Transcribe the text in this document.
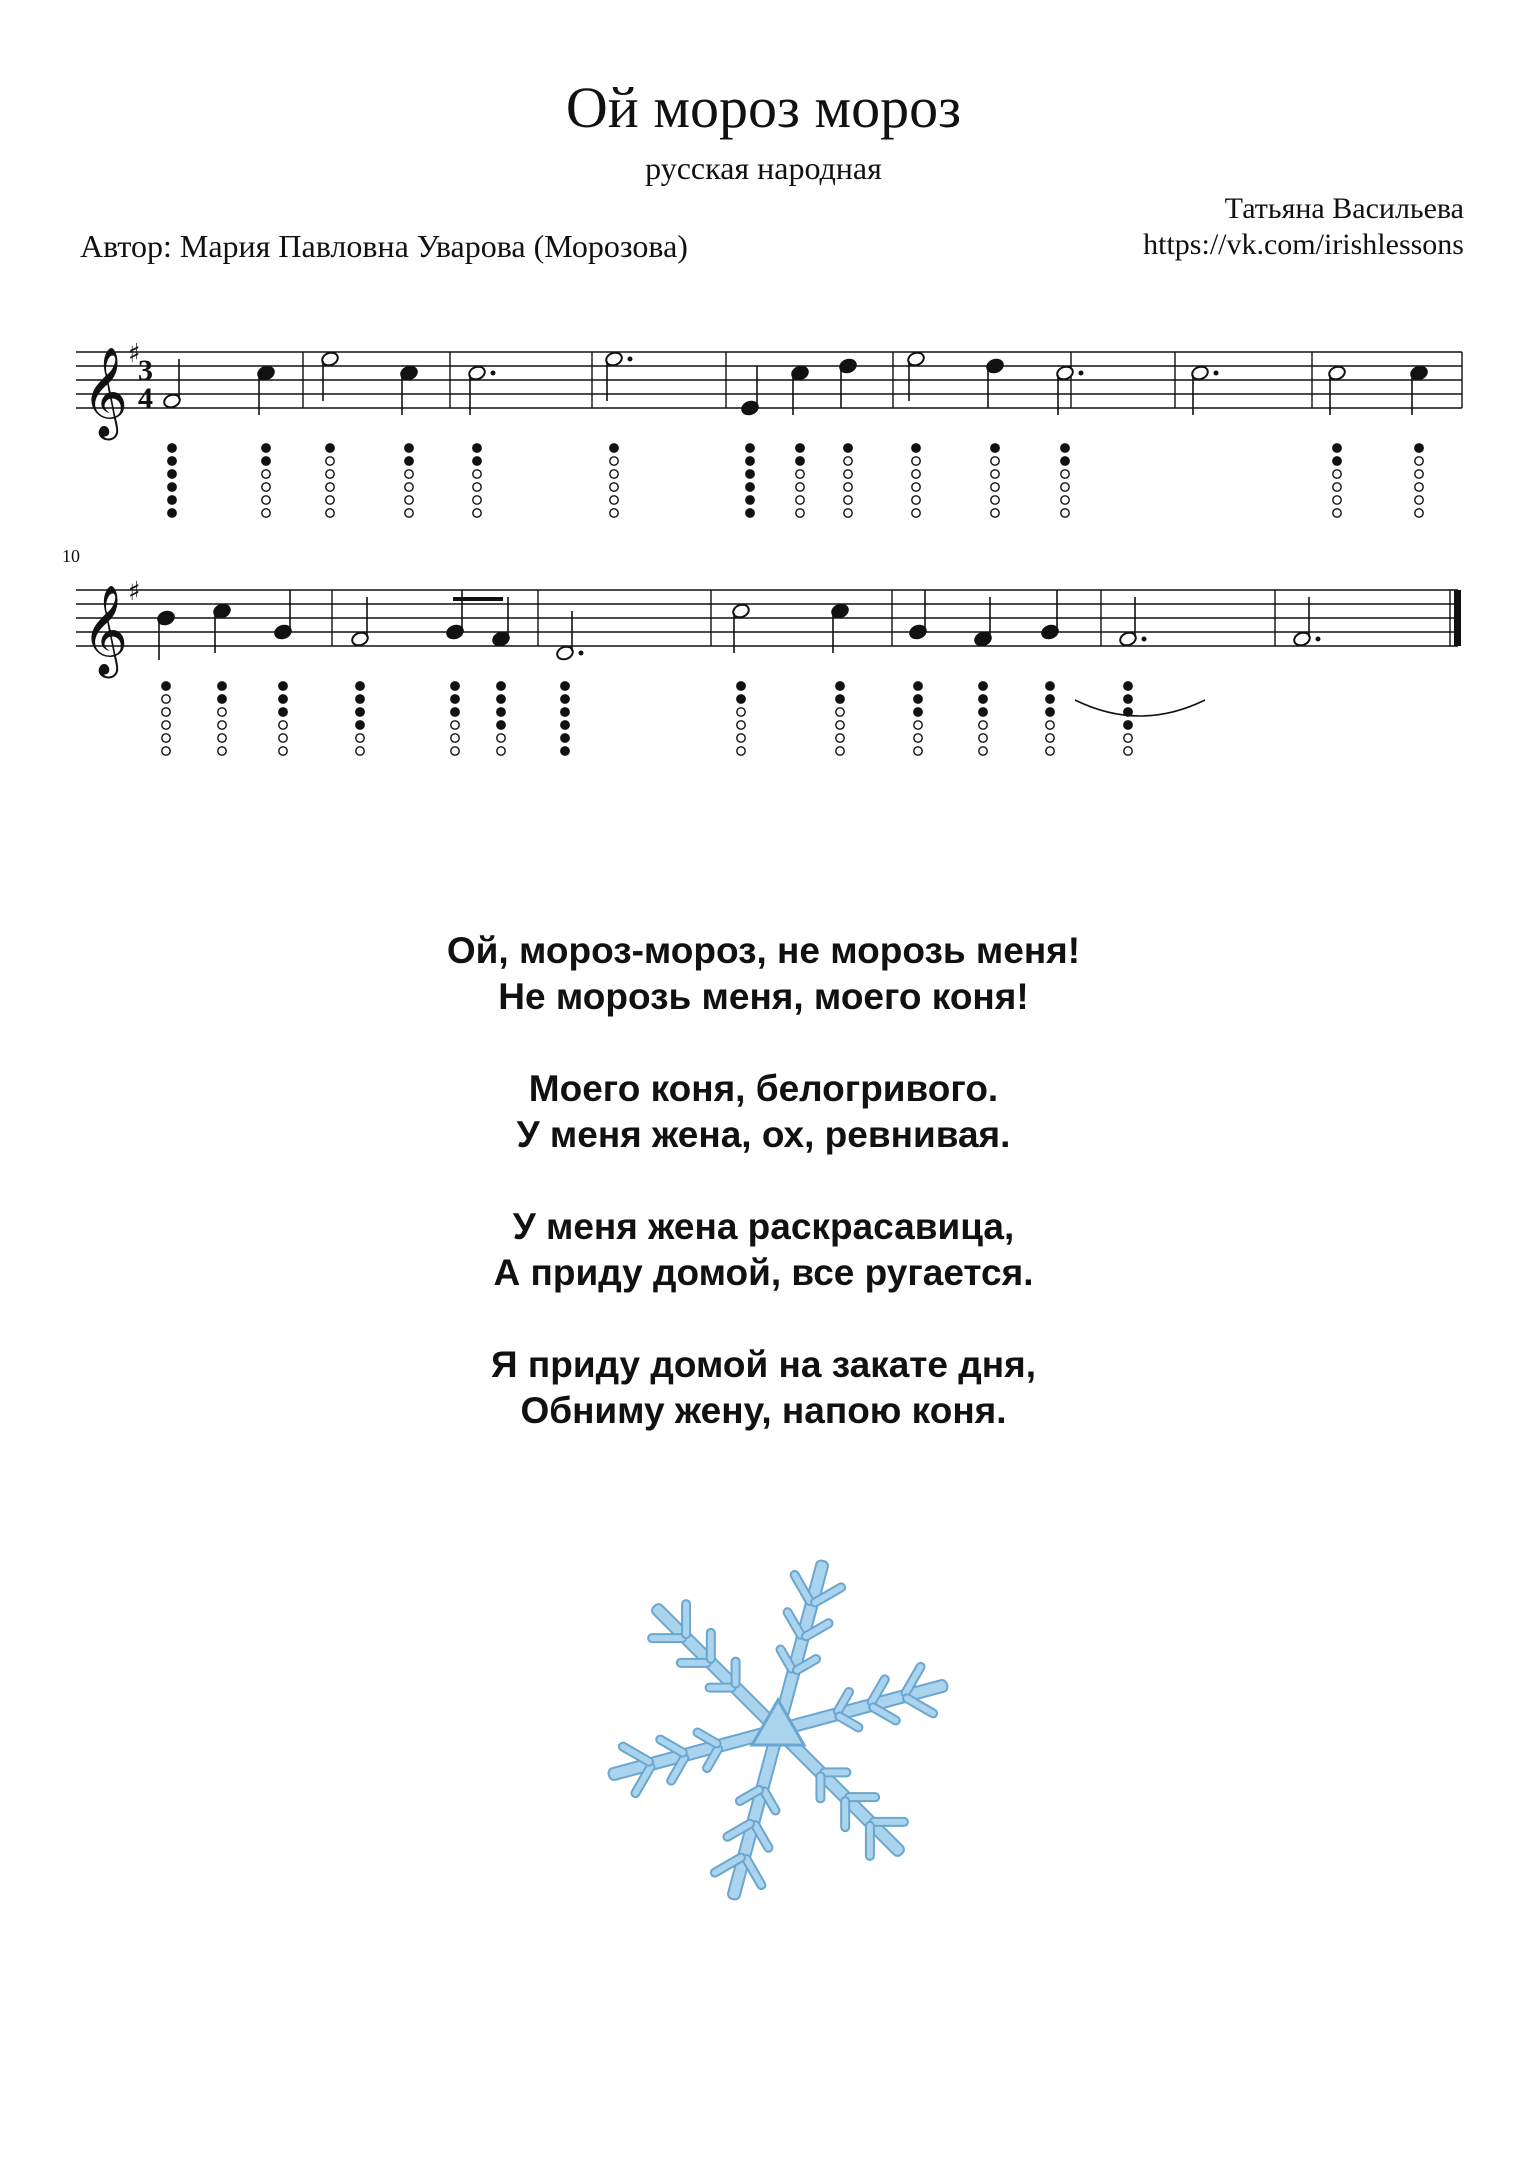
Ой мороз мороз
русская народная
Татьяна Васильева
https://vk.com/irishlessons
Автор: Мария Павловна Уварова (Морозова)
𝄞 ♯
3
4
𝄞 ♯
10
Ой, мороз-мороз, не морозь меня!
Не морозь меня, моего коня!
Моего коня, белогривого.
У меня жена, ох, ревнивая.
У меня жена раскрасавица,
А приду домой, все ругается.
Я приду домой на закате дня,
Обниму жену, напою коня.
